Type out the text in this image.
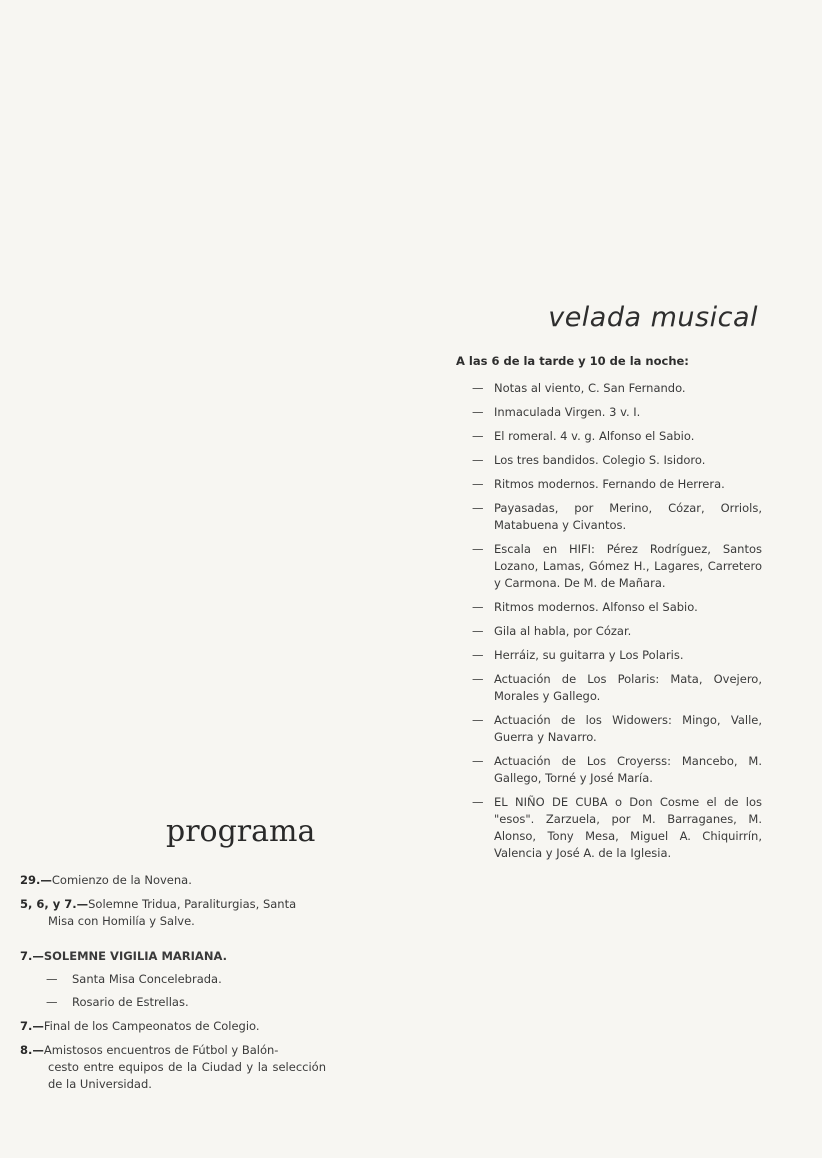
velada musical

A las 6 de la tarde y 10 de la noche:

— Notas al viento, C. San Fernando.
— Inmaculada Virgen. 3 v. I.
— El romeral. 4 v. g. Alfonso el Sabio.
— Los tres bandidos. Colegio S. Isidoro.
— Ritmos modernos. Fernando de Herrera.
— Payasadas, por Merino, Cózar, Orriols, Matabuena y Civantos.
— Escala en HIFI: Pérez Rodríguez, Santos Lozano, Lamas, Gómez H., Lagares, Carretero y Carmona. De M. de Mañara.
— Ritmos modernos. Alfonso el Sabio.
— Gila al habla, por Cózar.
— Herráiz, su guitarra y Los Polaris.
— Actuación de Los Polaris: Mata, Ovejero, Morales y Gallego.
— Actuación de los Widowers: Mingo, Valle, Guerra y Navarro.
— Actuación de Los Croyerss: Mancebo, M. Gallego, Torné y José María.
— EL NIÑO DE CUBA o Don Cosme el de los "esos". Zarzuela, por M. Barraganes, M. Alonso, Tony Mesa, Miguel A. Chiquirrín, Valencia y José A. de la Iglesia.
programa
29.—Comienzo de la Novena.
5, 6, y 7.—Solemne Tridua, Paraliturgias, Santa
Misa con Homilía y Salve.
7.—SOLEMNE VIGILIA MARIANA.
—	Santa Misa Concelebrada.
—	Rosario de Estrellas.
7.—Final de los Campeonatos de Colegio.
8.—Amistosos encuentros de Fútbol y Balón-
cesto entre equipos de la Ciudad y la selección de la Universidad.
